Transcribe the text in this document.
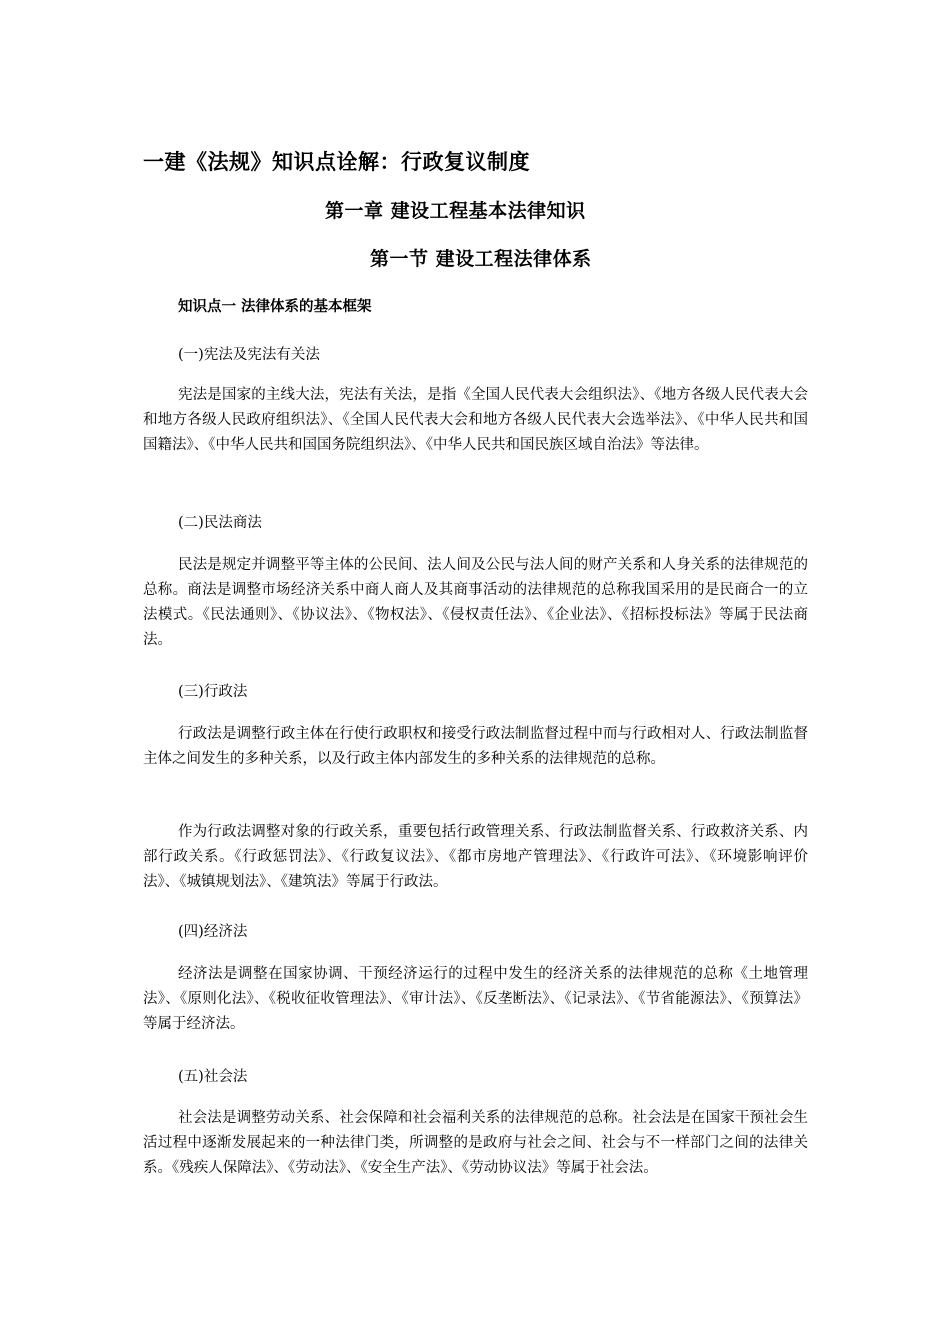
一建《法规》知识点诠解：行政复议制度
第一章 建设工程基本法律知识
第一节 建设工程法律体系

知识点一 法律体系的基本框架

(一)宪法及宪法有关法

宪法是国家的主线大法，宪法有关法，是指《全国人民代表大会组织法》、《地方各级人民代表大会和地方各级人民政府组织法》、《全国人民代表大会和地方各级人民代表大会选举法》、《中华人民共和国国籍法》、《中华人民共和国国务院组织法》、《中华人民共和国民族区域自治法》等法律。

(二)民法商法

民法是规定并调整平等主体的公民间、法人间及公民与法人间的财产关系和人身关系的法律规范的总称。商法是调整市场经济关系中商人商人及其商事活动的法律规范的总称我国采用的是民商合一的立法模式。《民法通则》、《协议法》、《物权法》、《侵权责任法》、《企业法》、《招标投标法》等属于民法商法。

(三)行政法

行政法是调整行政主体在行使行政职权和接受行政法制监督过程中而与行政相对人、行政法制监督主体之间发生的多种关系，以及行政主体内部发生的多种关系的法律规范的总称。

作为行政法调整对象的行政关系，重要包括行政管理关系、行政法制监督关系、行政救济关系、内部行政关系。《行政惩罚法》、《行政复议法》、《都市房地产管理法》、《行政许可法》、《环境影响评价法》、《城镇规划法》、《建筑法》等属于行政法。

(四)经济法

经济法是调整在国家协调、干预经济运行的过程中发生的经济关系的法律规范的总称《土地管理法》、《原则化法》、《税收征收管理法》、《审计法》、《反垄断法》、《记录法》、《节省能源法》、《预算法》等属于经济法。

(五)社会法

社会法是调整劳动关系、社会保障和社会福利关系的法律规范的总称。社会法是在国家干预社会生活过程中逐渐发展起来的一种法律门类，所调整的是政府与社会之间、社会与不一样部门之间的法律关系。《残疾人保障法》、《劳动法》、《安全生产法》、《劳动协议法》等属于社会法。
